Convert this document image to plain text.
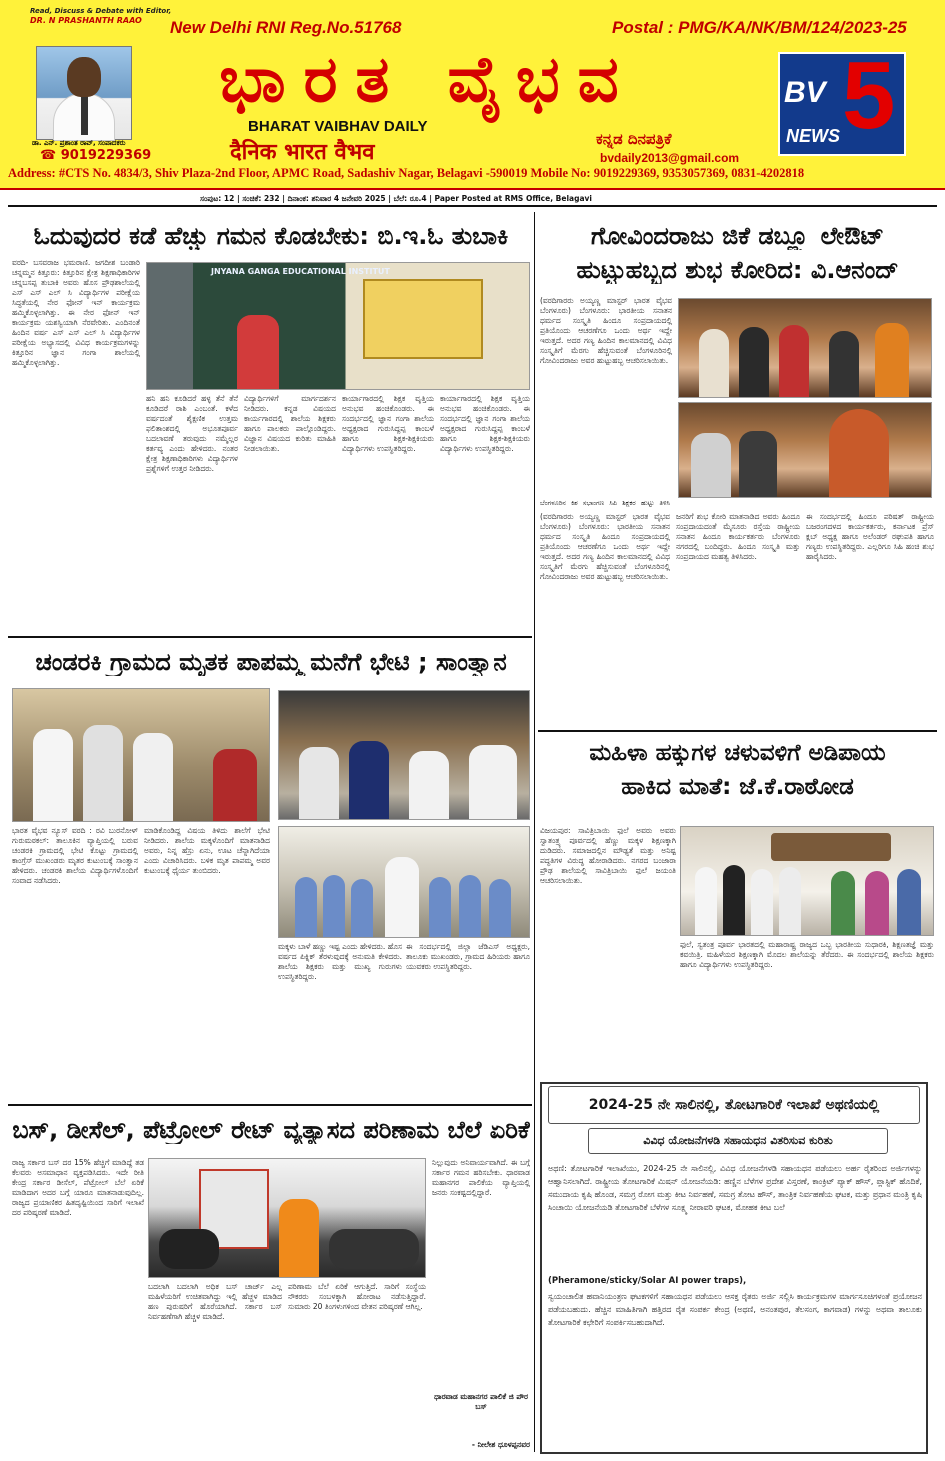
Read, Discuss & Debate with Editor,
DR. N PRASHANTH RAAO
ಡಾ. ಎನ್. ಪ್ರಶಾಂತ ರಾವ್, ಸಂಪಾದಕರು
☎ 9019229369
New Delhi RNI Reg.No.51768	Postal : PMG/KA/NK/BM/124/2023-25
ಭಾರತ ವೈಭವ
BHARAT VAIBHAV DAILY
दैनिक भारत वैभव
ಕನ್ನಡ ದಿನಪತ್ರಿಕೆ
bvdaily2013@gmail.com
BV 5
NEWS
Address: #CTS No. 4834/3, Shiv Plaza-2nd Floor, APMC Road, Sadashiv Nagar, Belagavi -590019 Mobile No: 9019229369, 9353057369, 0831-4202818
ಸಂಪುಟ: 12 | ಸಂಚಿಕೆ: 232 | ದಿನಾಂಕ: ಶನಿವಾರ 4 ಜನೇವರಿ 2025 | ಬೆಲೆ: ರೂ.4 | Paper Posted at RMS Office, Belagavi
ಓದುವುದರ ಕಡೆ ಹೆಚ್ಚು ಗಮನ ಕೊಡಬೇಕು: ಬಿ.ಇ.ಓ ತುಬಾಕಿ
ವರದಿ- ಬಸವರಾಜ ಭಮರಾಣಿ. ಜಗದೀಶ ಬಂಡಾರಿ ಚನ್ನಮ್ಮನ ಕಿತ್ತೂರು: ಕಿತ್ತೂರಿನ ಕ್ಷೇತ್ರ ಶಿಕ್ಷಣಾಧಿಕಾರಿಗಳ ಚನ್ನಬಸಪ್ಪ ತುಬಾಕಿ ಅವರು ಹೊಸ ಪ್ರೌಢಶಾಲೆಯಲ್ಲಿ ಎಸ್ ಎಸ್ ಎಲ್ ಸಿ ವಿದ್ಯಾರ್ಥಿಗಳ ಪರೀಕ್ಷೆಯ ಸಿದ್ಧತೆಯಲ್ಲಿ ನೇರ ಫೋನ್ ಇನ್ ಕಾರ್ಯಕ್ರಮ ಹಮ್ಮಿಕೊಳ್ಳಲಾಗಿತ್ತು. ಈ ನೇರ ಫೋನ್ ಇನ್ ಕಾರ್ಯಕ್ರಮ ಯಶಸ್ವಿಯಾಗಿ ನೆರವೇರಿತು. ಎಂದಿನಂತೆ ಹಿಂದಿನ ವರ್ಷ ಎಸ್ ಎಸ್ ಎಲ್ ಸಿ ವಿದ್ಯಾರ್ಥಿಗಳ ಪರೀಕ್ಷೆಯ ಅಭ್ಯಾಸದಲ್ಲಿ ವಿವಿಧ ಕಾರ್ಯಕ್ರಮಗಳನ್ನು ಕಿತ್ತೂರಿನ ಜ್ಞಾನ ಗಂಗಾ ಶಾಲೆಯಲ್ಲಿ ಹಮ್ಮಿಕೊಳ್ಳಲಾಗಿತ್ತು.
JNYANA GANGA EDUCATIONAL INSTITUT
ಹನಿ ಹನಿ ಕೂಡಿದರೆ ಹಳ್ಳ ತೆನೆ ತೆನೆ ಕೂಡಿದರೆ ರಾಶಿ ಎಂಬಂತೆ. ಕಳೆದ ವರ್ಷದಂತೆ ಶೈಕ್ಷಣಿಕ ಉತ್ತಮ ಫಲಿತಾಂಶದಲ್ಲಿ ಅಭೂತಪೂರ್ವ ಬದಲಾವಣೆ ತರುವುದು ನಮ್ಮೆಲ್ಲರ ಕರ್ತವ್ಯ ಎಂದು ಹೇಳಿದರು. ನಂತರ ಕ್ಷೇತ್ರ ಶಿಕ್ಷಣಾಧಿಕಾರಿಗಳು ವಿದ್ಯಾರ್ಥಿಗಳ ಪ್ರಶ್ನೆಗಳಿಗೆ ಉತ್ತರ ನೀಡಿದರು.
ವಿದ್ಯಾರ್ಥಿಗಳಿಗೆ ಮಾರ್ಗದರ್ಶನ ನೀಡಿದರು. ಕನ್ನಡ ವಿಷಯದ ಕಾರ್ಯಗಾರದಲ್ಲಿ ಶಾಲೆಯ ಶಿಕ್ಷಕರು ಹಾಗೂ ಪಾಲಕರು ಪಾಲ್ಗೊಂಡಿದ್ದರು. ವಿಜ್ಞಾನ ವಿಷಯದ ಕುರಿತು ಮಾಹಿತಿ ನೀಡಲಾಯಿತು.
ಕಾರ್ಯಾಗಾರದಲ್ಲಿ ಶಿಕ್ಷಕ ವೃತ್ತಿಯ ಅನುಭವ ಹಂಚಿಕೊಂಡರು. ಈ ಸಂದರ್ಭದಲ್ಲಿ ಜ್ಞಾನ ಗಂಗಾ ಶಾಲೆಯ ಅಧ್ಯಕ್ಷರಾದ ಗುರುಸಿದ್ದಪ್ಪ ಕಾಂಬಳೆ ಹಾಗೂ ಶಿಕ್ಷಕ-ಶಿಕ್ಷಕಿಯರು ವಿದ್ಯಾರ್ಥಿಗಳು ಉಪಸ್ಥಿತರಿದ್ದರು.
ಕಾರ್ಯಾಗಾರದಲ್ಲಿ ಶಿಕ್ಷಕ ವೃತ್ತಿಯ ಅನುಭವ ಹಂಚಿಕೊಂಡರು. ಈ ಸಂದರ್ಭದಲ್ಲಿ ಜ್ಞಾನ ಗಂಗಾ ಶಾಲೆಯ ಅಧ್ಯಕ್ಷರಾದ ಗುರುಸಿದ್ದಪ್ಪ ಕಾಂಬಳೆ ಹಾಗೂ ಶಿಕ್ಷಕ-ಶಿಕ್ಷಕಿಯರು ವಿದ್ಯಾರ್ಥಿಗಳು ಉಪಸ್ಥಿತರಿದ್ದರು.
ಗೋವಿಂದರಾಜು ಜಿಕೆ ಡಬ್ಲ್ಯೂ ಲೇಔಟ್
ಹುಟ್ಟುಹಬ್ಬದ ಶುಭ ಕೋರಿದ: ವಿ.ಆನಂದ್
(ವರದಿಗಾರರು ಅಯ್ಯಣ್ಣ ಮಾಸ್ಟರ್ ಭಾರತ ವೈಭವ ಬೆಂಗಳೂರು) ಬೆಂಗಳೂರು: ಭಾರತೀಯ ಸನಾತನ ಧರ್ಮದ ಸಂಸ್ಕೃತಿ ಹಿಂದೂ ಸಂಪ್ರದಾಯದಲ್ಲಿ ಪ್ರತಿಯೊಂದು ಆಚರಣೆಗೂ ಒಂದು ಅರ್ಥ ಇದ್ದೇ ಇರುತ್ತದೆ. ಅದರ ಗಣ್ಯ ಹಿಂದಿನ ಕಾಲಮಾನದಲ್ಲಿ ವಿವಿಧ ಸಂಸ್ಕೃತಿಗೆ ಮೆರಗು ಹೆಚ್ಚಿಸುವಂತೆ ಬೆಂಗಳೂರಿನಲ್ಲಿ ಗೋವಿಂದರಾಜು ಅವರ ಹುಟ್ಟುಹಬ್ಬ ಆಚರಿಸಲಾಯಿತು.
ಬೆಂಗಳೂರಿನ ಕಿಶ ಸಭಾಂಗಣ ಸಿಪಿ ಶಿಕ್ಷಕರ ಹುಟ್ಟು ತಿಳಿಸಿ
(ವರದಿಗಾರರು ಅಯ್ಯಣ್ಣ ಮಾಸ್ಟರ್ ಭಾರತ ವೈಭವ ಬೆಂಗಳೂರು) ಬೆಂಗಳೂರು: ಭಾರತೀಯ ಸನಾತನ ಧರ್ಮದ ಸಂಸ್ಕೃತಿ ಹಿಂದೂ ಸಂಪ್ರದಾಯದಲ್ಲಿ ಪ್ರತಿಯೊಂದು ಆಚರಣೆಗೂ ಒಂದು ಅರ್ಥ ಇದ್ದೇ ಇರುತ್ತದೆ. ಅದರ ಗಣ್ಯ ಹಿಂದಿನ ಕಾಲಮಾನದಲ್ಲಿ ವಿವಿಧ ಸಂಸ್ಕೃತಿಗೆ ಮೆರಗು ಹೆಚ್ಚಿಸುವಂತೆ ಬೆಂಗಳೂರಿನಲ್ಲಿ ಗೋವಿಂದರಾಜು ಅವರ ಹುಟ್ಟುಹಬ್ಬ ಆಚರಿಸಲಾಯಿತು.
ಜನರಿಗೆ ಶುಭ ಕೋರಿ ಮಾತನಾಡಿದ ಅವರು ಹಿಂದೂ ಸಂಪ್ರದಾಯದಂತೆ ಮೈಸೂರು ರಸ್ತೆಯ ರಾಷ್ಟ್ರೀಯ ಸನಾತನ ಹಿಂದೂ ಕಾರ್ಯಕರ್ತರು ಬೆಂಗಳೂರು ನಗರದಲ್ಲಿ ಬಂದಿದ್ದರು. ಹಿಂದೂ ಸಂಸ್ಕೃತಿ ಮತ್ತು ಸಂಪ್ರದಾಯದ ಮಹತ್ವ ತಿಳಿಸಿದರು.
ಈ ಸಂದರ್ಭದಲ್ಲಿ ಹಿಂದೂ ಪರಿಷತ್ ರಾಷ್ಟ್ರೀಯ ಬಜರಂಗದಳದ ಕಾರ್ಯಕರ್ತರು, ಕರ್ನಾಟಕ ಪ್ರೆಸ್ ಕ್ಲಬ್ ಅಧ್ಯಕ್ಷ ಹಾಗೂ ಅಲೆಂಡರ್ ರಘುಪತಿ ಹಾಗೂ ಗಣ್ಯರು ಉಪಸ್ಥಿತರಿದ್ದರು. ಎಲ್ಲರಿಗೂ ಸಿಹಿ ಹಂಚಿ ಶುಭ ಹಾರೈಸಿದರು.
ಚಂಡರಕಿ ಗ್ರಾಮದ ಮೃತಕ ಪಾಪಮ್ಮ ಮನೆಗೆ ಭೇಟಿ ; ಸಾಂತ್ವಾನ
ಭಾರತ ವೈಭವ ನ್ಯೂಸ್ ವರದಿ : ರವಿ ಬುರನೋಳ್ ಗುರುಮಠಕಲ್: ತಾಲೂಕಿನ ವ್ಯಾಪ್ತಿಯಲ್ಲಿ ಬರುವ ಚಂಡರಕಿ ಗ್ರಾಮದಲ್ಲಿ ಭೇಟಿ ಕೊಟ್ಟು ಗ್ರಾಮದಲ್ಲಿ ಕಾಂಗ್ರೆಸ್ ಮುಖಂಡರು ಮೃತರ ಕುಟುಂಬಕ್ಕೆ ಸಾಂತ್ವಾನ ಹೇಳಿದರು. ಚಂಡರಕಿ ಶಾಲೆಯ ವಿದ್ಯಾರ್ಥಿಗಳೊಂದಿಗೆ ಸಂವಾದ ನಡೆಸಿದರು.
ಮಾಡಿಕೊಂಡಿದ್ದ ವಿಷಯ ತಿಳಿದು ಶಾಲೆಗೆ ಭೇಟಿ ನೀಡಿದರು. ಶಾಲೆಯ ಮಕ್ಕಳೊಂದಿಗೆ ಮಾತನಾಡಿದ ಅವರು, ನಿನ್ನ ಹೆಸ್ರು ಏನು, ಊಟ ಚೆನ್ನಾಗಿದೆಯಾ ಎಂದು ವಿಚಾರಿಸಿದರು. ಬಳಿಕ ಮೃತ ಪಾಪಮ್ಮ ಅವರ ಕುಟುಂಬಕ್ಕೆ ಧೈರ್ಯ ತುಂಬಿದರು.
ಮಕ್ಕಳು ಬಾಳೆ ಹಣ್ಣು ಇಷ್ಟ ಎಂದು ಹೇಳಿದರು. ಹೊಸ ವರ್ಷದ ಪಿಕ್ನಿಕ್ ತೆರಳುವುದಕ್ಕೆ ಅನುಮತಿ ಕೇಳಿದರು. ಶಾಲೆಯ ಶಿಕ್ಷಕರು ಮತ್ತು ಮುಖ್ಯ ಗುರುಗಳು ಉಪಸ್ಥಿತರಿದ್ದರು.
ಈ ಸಂದರ್ಭದಲ್ಲಿ ಜಿಲ್ಲಾ ಜೆಡಿಎಸ್ ಅಧ್ಯಕ್ಷರು, ತಾಲೂಕು ಮುಖಂಡರು, ಗ್ರಾಮದ ಹಿರಿಯರು ಹಾಗೂ ಯುವಕರು ಉಪಸ್ಥಿತರಿದ್ದರು.
ಮಹಿಳಾ ಹಕ್ಕುಗಳ ಚಳುವಳಿಗೆ ಅಡಿಪಾಯ
ಹಾಕಿದ ಮಾತೆ: ಜೆ.ಕೆ.ರಾಠೋಡ
ವಿಜಯಪುರ: ಸಾವಿತ್ರಿಬಾಯಿ ಫುಲೆ ಅವರು ಅವರು ಸ್ವಾತಂತ್ರ್ಯ ಪೂರ್ವದಲ್ಲಿ ಹೆಣ್ಣು ಮಕ್ಕಳ ಶಿಕ್ಷಣಕ್ಕಾಗಿ ದುಡಿದರು. ಸಮಾಜದಲ್ಲಿನ ಮೌಢ್ಯತೆ ಮತ್ತು ಅನಿಷ್ಟ ಪದ್ಧತಿಗಳ ವಿರುದ್ಧ ಹೋರಾಡಿದರು. ನಗರದ ಬಂಜಾರಾ ಪ್ರೌಢ ಶಾಲೆಯಲ್ಲಿ ಸಾವಿತ್ರಿಬಾಯಿ ಫುಲೆ ಜಯಂತಿ ಆಚರಿಸಲಾಯಿತು.
ಫುಲೆ, ಸ್ವತಂತ್ರ ಪೂರ್ವ ಭಾರತದಲ್ಲಿ ಮಹಾರಾಷ್ಟ್ರ ರಾಜ್ಯದ ಒಬ್ಬ ಭಾರತೀಯ ಸುಧಾರಕಿ, ಶಿಕ್ಷಣತಜ್ಞೆ ಮತ್ತು ಕವಯಿತ್ರಿ. ಮಹಿಳೆಯರ ಶಿಕ್ಷಣಕ್ಕಾಗಿ ಮೊದಲ ಶಾಲೆಯನ್ನು ತೆರೆದರು. ಈ ಸಂದರ್ಭದಲ್ಲಿ ಶಾಲೆಯ ಶಿಕ್ಷಕರು ಹಾಗೂ ವಿದ್ಯಾರ್ಥಿಗಳು ಉಪಸ್ಥಿತರಿದ್ದರು.
ಬಸ್, ಡೀಸೆಲ್, ಪೆಟ್ರೋಲ್ ರೇಟ್ ವ್ಯತ್ಯಾಸದ ಪರಿಣಾಮ ಬೆಲೆ ಏರಿಕೆ
ರಾಜ್ಯ ಸರ್ಕಾರ ಬಸ್ ದರ 15% ಹೆಚ್ಚಿಗೆ ಮಾಡಿದ್ದೆ ತಡ ಕೆಲವರು ಅಸಮಾಧಾನ ವ್ಯಕ್ತಪಡಿಸಿದರು. ಇದೇ ರೀತಿ ಕೇಂದ್ರ ಸರ್ಕಾರ ಡೀಸೆಲ್, ಪೆಟ್ರೋಲ್ ಬೆಲೆ ಏರಿಕೆ ಮಾಡಿದಾಗ ಅದರ ಬಗ್ಗೆ ಯಾರೂ ಮಾತನಾಡುವುದಿಲ್ಲ. ರಾಜ್ಯದ ಪ್ರಯಾಣಿಕರ ಹಿತದೃಷ್ಟಿಯಿಂದ ಸಾರಿಗೆ ಇಲಾಖೆ ದರ ಪರಿಷ್ಕರಣೆ ಮಾಡಿದೆ.
ಬದಲಾಗಿ ಬದಲಾಗಿ ಅಧಿಕ ಬಸ್ ಚಾರ್ಜ್ ಎಲ್ಲ ಮಹಿಳೆಯರಿಗೆ ಉಚಿತವಾಗಿದ್ದು ಇಲ್ಲಿ ಹೆಚ್ಚಳ ಮಾಡಿದ ಹಣ ಪುರುಷರಿಗೆ ಹೊರೆಯಾಗಿದೆ. ಸರ್ಕಾರ ಬಸ್ ನಿರ್ವಹಣೆಗಾಗಿ ಹೆಚ್ಚಳ ಮಾಡಿದೆ.
ಪರಿಣಾಮ ಬೆಲೆ ಏರಿಕೆ ಆಗುತ್ತಿದೆ. ಸಾರಿಗೆ ಸಂಸ್ಥೆಯ ನೌಕರರು ಸಂಬಳಕ್ಕಾಗಿ ಹೋರಾಟ ನಡೆಸುತ್ತಿದ್ದಾರೆ. ಸುಮಾರು 20 ತಿಂಗಳುಗಳಿಂದ ವೇತನ ಪರಿಷ್ಕರಣೆ ಆಗಿಲ್ಲ.
ನಿಲ್ಲುವುದು ಅನಿವಾರ್ಯವಾಗಿದೆ. ಈ ಬಗ್ಗೆ ಸರ್ಕಾರ ಗಮನ ಹರಿಸಬೇಕು. ಧಾರವಾಡ ಮಹಾನಗರ ಪಾಲಿಕೆಯ ವ್ಯಾಪ್ತಿಯಲ್ಲಿ ಜನರು ಸಂಕಷ್ಟದಲ್ಲಿದ್ದಾರೆ.
ಧಾರವಾಡ ಮಹಾನಗರ ಪಾಲಿಕೆ ಜಿ ಪೌರ ಬಸ್
- ನೀಲೇಶ ಧೂಳಪ್ಪನವರ
2024-25 ನೇ ಸಾಲಿನಲ್ಲಿ, ತೋಟಗಾರಿಕೆ ಇಲಾಖೆ ಅಥಣಿಯಲ್ಲಿ
ವಿವಿಧ ಯೋಜನೆಗಳಡಿ ಸಹಾಯಧನ ವಿತರಿಸುವ ಕುರಿತು
ಅಥಣಿ: ತೋಟಗಾರಿಕೆ ಇಲಾಖೆಯು, 2024-25 ನೇ ಸಾಲಿನಲ್ಲಿ, ವಿವಿಧ ಯೋಜನೆಗಳಡಿ ಸಹಾಯಧನ ಪಡೆಯಲು ಅರ್ಹ ರೈತರಿಂದ ಅರ್ಜಿಗಳನ್ನು ಆಹ್ವಾನಿಸಲಾಗಿದೆ. ರಾಷ್ಟ್ರೀಯ ತೋಟಗಾರಿಕೆ ಮಿಷನ್ ಯೋಜನೆಯಡಿ: ಹಣ್ಣಿನ ಬೆಳೆಗಳ ಪ್ರದೇಶ ವಿಸ್ತರಣೆ, ಕಾಂಕ್ರಿಟ್ ಪ್ಯಾಕ್ ಹೌಸ್, ಪ್ಲಾಸ್ಟಿಕ್ ಹೊದಿಕೆ, ಸಮುದಾಯ ಕೃಷಿ ಹೊಂಡ, ಸಮಗ್ರ ರೋಗ ಮತ್ತು ಕೀಟ ನಿರ್ವಹಣೆ, ಸಮಗ್ರ ತೋಟ ಹೌಸ್, ತಾಂತ್ರಿಕ ನಿರ್ವಹಣೆಯ ಘಟಕ, ಮತ್ತು ಪ್ರಧಾನ ಮಂತ್ರಿ ಕೃಷಿ ಸಿಂಚಾಯಿ ಯೋಜನೆಯಡಿ ತೋಟಗಾರಿಕೆ ಬೆಳೆಗಳ ಸೂಕ್ಷ್ಮ ನೀರಾವರಿ ಘಟಕ, ಮೋಹಕ ಕೀಟ ಬಲೆ
(Pheramone/sticky/Solar AI power traps),
ಸ್ವಯಂಚಾಲಿತ ಹವಾನಿಯಂತ್ರಣ ಘಟಕಗಳಿಗೆ ಸಹಾಯಧನ ಪಡೆಯಲು ಆಸಕ್ತ ರೈತರು ಅರ್ಜಿ ಸಲ್ಲಿಸಿ ಕಾರ್ಯಕ್ರಮಗಳ ಮಾರ್ಗಸೂಚಿಗಳಂತೆ ಪ್ರಯೋಜನ ಪಡೆಯಬಹುದು. ಹೆಚ್ಚಿನ ಮಾಹಿತಿಗಾಗಿ ಹತ್ತಿರದ ರೈತ ಸಂಪರ್ಕ ಕೇಂದ್ರ (ಅಥಣಿ, ಅನಂತಪುರ, ತೆಲಸಂಗ, ಕಾಗವಾಡ) ಗಳನ್ನು ಅಥವಾ ತಾಲೂಕು ತೋಟಗಾರಿಕೆ ಕಛೇರಿಗೆ ಸಂಪರ್ಕಿಸಬಹುದಾಗಿದೆ.
